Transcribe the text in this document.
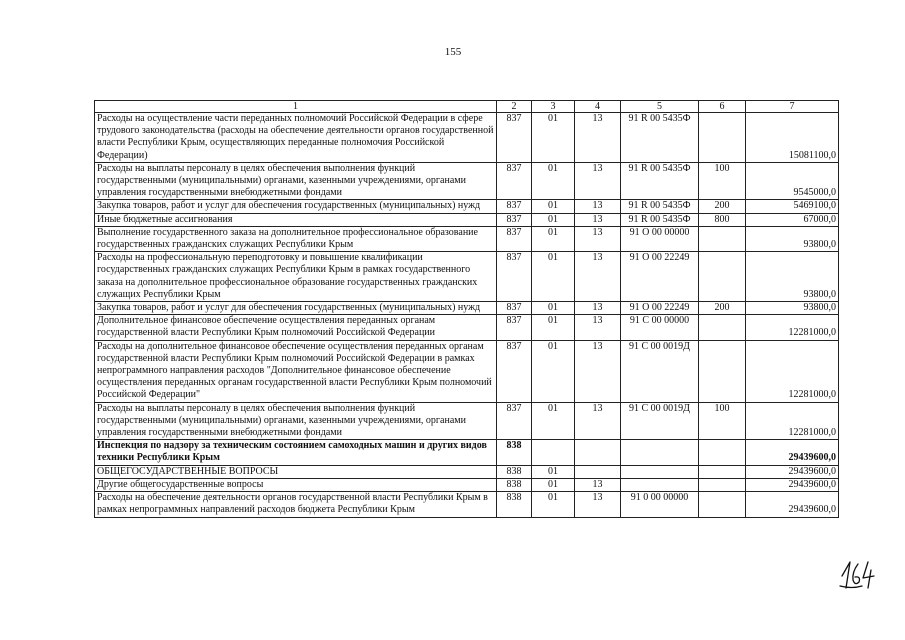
155
1	2	3	4	5	6	7
Расходы на осуществление части переданных полномочий Российской Федерации в сфере трудового законодательства (расходы на обеспечение деятельности органов государственной власти Республики Крым, осуществляющих переданные полномочия Российской Федерации)	837	01	13	91 R 00 5435Ф		15081100,0
Расходы на выплаты персоналу в целях обеспечения выполнения функций государственными (муниципальными) органами, казенными учреждениями, органами управления государственными внебюджетными фондами	837	01	13	91 R 00 5435Ф	100	9545000,0
Закупка товаров, работ и услуг для обеспечения государственных (муниципальных) нужд	837	01	13	91 R 00 5435Ф	200	5469100,0
Иные бюджетные ассигнования	837	01	13	91 R 00 5435Ф	800	67000,0
Выполнение государственного заказа на дополнительное профессиональное образование государственных гражданских служащих Республики Крым	837	01	13	91 О 00 00000		93800,0
Расходы на профессиональную переподготовку и повышение квалификации государственных гражданских служащих Республики Крым в рамках государственного заказа на дополнительное профессиональное образование государственных гражданских служащих Республики Крым	837	01	13	91 О 00 22249		93800,0
Закупка товаров, работ и услуг для обеспечения государственных (муниципальных) нужд	837	01	13	91 О 00 22249	200	93800,0
Дополнительное финансовое обеспечение осуществления переданных органам государственной власти Республики Крым полномочий Российской Федерации	837	01	13	91 С 00 00000		12281000,0
Расходы на дополнительное финансовое обеспечение осуществления переданных органам государственной власти Республики Крым полномочий Российской Федерации в рамках непрограммного направления расходов "Дополнительное финансовое обеспечение осуществления переданных органам государственной власти Республики Крым полномочий Российской Федерации"	837	01	13	91 С 00 0019Д		12281000,0
Расходы на выплаты персоналу в целях обеспечения выполнения функций государственными (муниципальными) органами, казенными учреждениями, органами управления государственными внебюджетными фондами	837	01	13	91 С 00 0019Д	100	12281000,0
Инспекция по надзору за техническим состоянием самоходных машин и других видов техники Республики Крым	838					29439600,0
ОБЩЕГОСУДАРСТВЕННЫЕ ВОПРОСЫ	838	01				29439600,0
Другие общегосударственные вопросы	838	01	13			29439600,0
Расходы на обеспечение деятельности органов государственной власти Республики Крым в рамках непрограммных направлений расходов бюджета Республики Крым	838	01	13	91 0 00 00000		29439600,0
